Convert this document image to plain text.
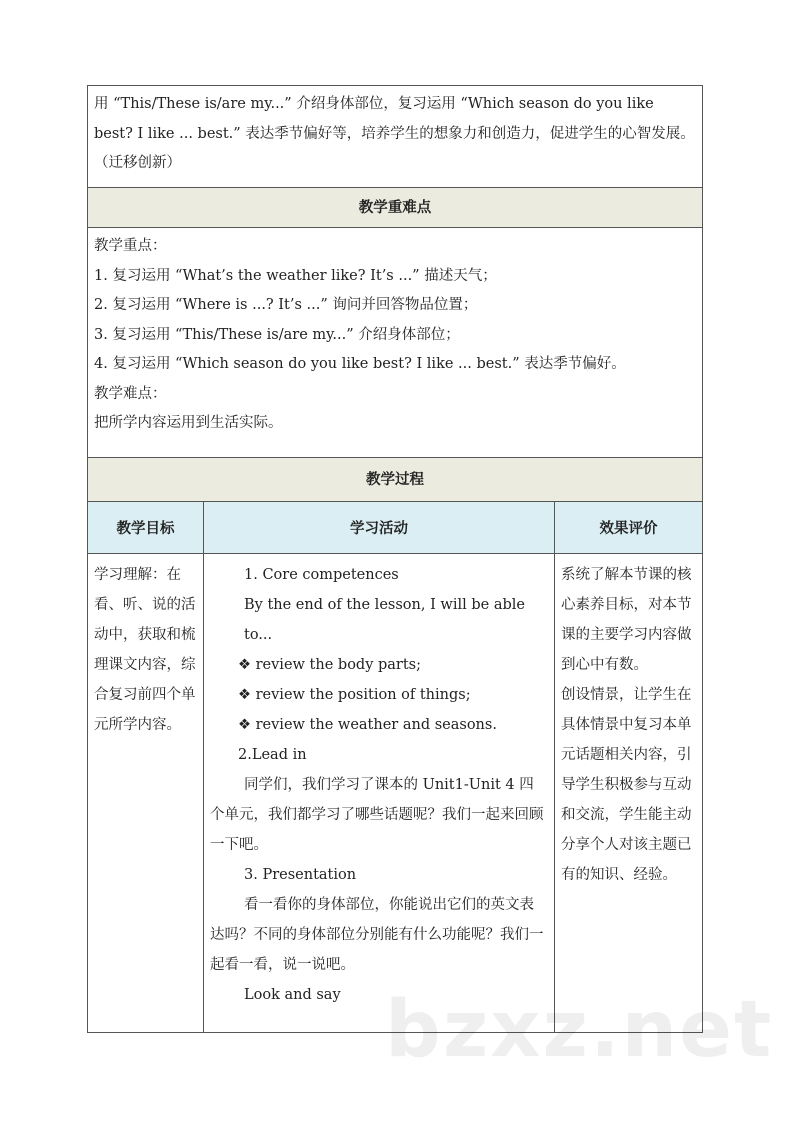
用 “This/These is/are my...” 介绍身体部位，复习运用 “Which season do you like best? I like ... best.” 表达季节偏好等，培养学生的想象力和创造力，促进学生的心智发展。
（迁移创新）
教学重难点
教学重点：
1. 复习运用 “What’s the weather like? It’s ...” 描述天气；
2. 复习运用 “Where is ...? It’s ...” 询问并回答物品位置；
3. 复习运用 “This/These is/are my...” 介绍身体部位；
4. 复习运用 “Which season do you like best? I like ... best.” 表达季节偏好。
教学难点：
把所学内容运用到生活实际。
教学过程
教学目标	学习活动	效果评价
学习理解：在看、听、说的活动中，获取和梳理课文内容，综合复习前四个单元所学内容。
1. Core competences
By the end of the lesson, I will be able to...
❖ review the body parts;
❖ review the position of things;
❖ review the weather and seasons.
2.Lead in
同学们，我们学习了课本的 Unit1-Unit 4 四个单元，我们都学习了哪些话题呢？我们一起来回顾一下吧。
3. Presentation
看一看你的身体部位，你能说出它们的英文表达吗？不同的身体部位分别能有什么功能呢？我们一起看一看，说一说吧。
Look and say
系统了解本节课的核心素养目标，对本节课的主要学习内容做到心中有数。
创设情景，让学生在具体情景中复习本单元话题相关内容，引导学生积极参与互动和交流，学生能主动分享个人对该主题已有的知识、经验。
bzxz.net
